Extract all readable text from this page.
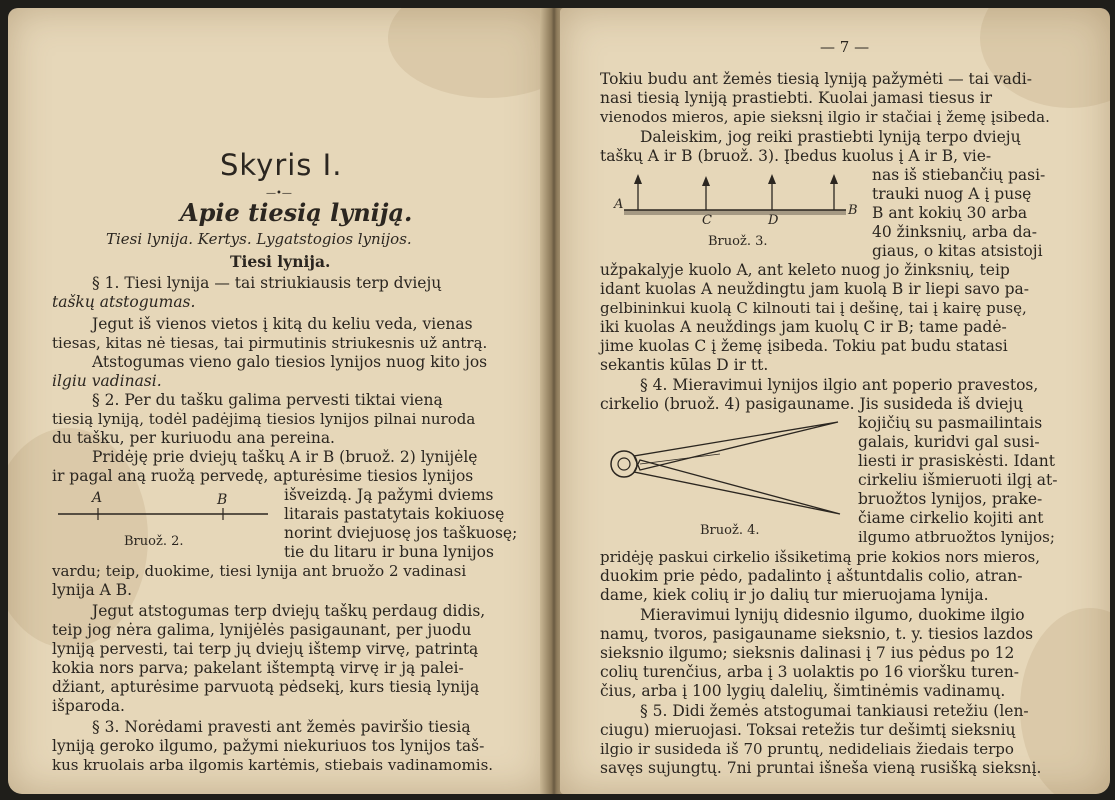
Skyris I.
—•—
Apie tiesią lyniją.
Tiesi lynija. Kertys. Lygatstogios lynijos.
Tiesi lynija.
§ 1. Tiesi lynija — tai striukiausis terp dviejų
taškų atstogumas.
Jegut iš vienos vietos į kitą du keliu veda, vienas
tiesas, kitas nė tiesas, tai pirmutinis striukesnis už antrą.
Atstogumas vieno galo tiesios lynijos nuog kito jos
ilgiu vadinasi.
§ 2. Per du tašku galima pervesti tiktai vieną
tiesią lyniją, todėl padėjimą tiesios lynijos pilnai nuroda
du tašku, per kuriuodu ana pereina.
Pridėję prie dviejų taškų A ir B (bruož. 2) lynijėlę
ir pagal aną ruožą pervedę, apturėsime tiesios lynijos
A	B
Bruož. 2.
išveizdą. Ją pažymi dviems
litarais pastatytais kokiuosę
norint dviejuosę jos taškuosę;
tie du litaru ir buna lynijos
vardu; teip, duokime, tiesi lynija ant bruožo 2 vadinasi
lynija A B.
Jegut atstogumas terp dviejų taškų perdaug didis,
teip jog nėra galima, lynijėlės pasigaunant, per juodu
lyniją pervesti, tai terp jų dviejų ištemp virvę, patrintą
kokia nors parva; pakelant ištemptą virvę ir ją palei-
džiant, apturėsime parvuotą pėdsekį, kurs tiesią lyniją
išparoda.
§ 3. Norėdami pravesti ant žemės paviršio tiesią
lyniją geroko ilgumo, pažymi niekuriuos tos lynijos taš-
kus kruolais arba ilgomis kartėmis, stiebais vadinamomis.
— 7 —
Tokiu budu ant žemės tiesią lyniją pažymėti — tai vadi-
nasi tiesią lyniją prastiebti. Kuolai jamasi tiesus ir
vienodos mieros, apie sieksnį ilgio ir stačiai į žemę įsibeda.
Daleiskim, jog reiki prastiebti lyniją terpo dviejų
taškų A ir B (bruož. 3). Įbedus kuolus į A ir B, vie-
A
C	D
B
Bruož. 3.
nas iš stiebančių pasi-
trauki nuog A į pusę
B ant kokių 30 arba
40 žinksnių, arba da-
giaus, o kitas atsistoji
užpakalyje kuolo A, ant keleto nuog jo žinksnių, teip
idant kuolas A neuždingtu jam kuolą B ir liepi savo pa-
gelbininkui kuolą C kilnouti tai į dešinę, tai į kairę pusę,
iki kuolas A neuždings jam kuolų C ir B; tame padė-
jime kuolas C į žemę įsibeda. Tokiu pat budu statasi
sekantis kūlas D ir tt.
§ 4. Mieravimui lynijos ilgio ant poperio pravestos,
cirkelio (bruož. 4) pasigauname. Jis susideda iš dviejų
Bruož. 4.
kojičių su pasmailintais
galais, kuridvi gal susi-
liesti ir prasiskėsti. Idant
cirkeliu išmieruoti ilgį at-
bruožtos lynijos, prake-
čiame cirkelio kojiti ant
ilgumo atbruožtos lynijos;
pridėję paskui cirkelio išsiketimą prie kokios nors mieros,
duokim prie pėdo, padalinto į aštuntdalis colio, atran-
dame, kiek colių ir jo dalių tur mieruojama lynija.
Mieravimui lynijų didesnio ilgumo, duokime ilgio
namų, tvoros, pasigauname sieksnio, t. y. tiesios lazdos
sieksnio ilgumo; sieksnis dalinasi į 7 ius pėdus po 12
colių turenčius, arba į 3 uolaktis po 16 vioršku turen-
čius, arba į 100 lygių dalelių, šimtinėmis vadinamų.
§ 5. Didi žemės atstogumai tankiausi retežiu (len-
ciugu) mieruojasi. Toksai retežis tur dešimtį sieksnių
ilgio ir susideda iš 70 pruntų, nedideliais žiedais terpo
savęs sujungtų. 7ni pruntai išneša vieną rusišką sieksnį.
